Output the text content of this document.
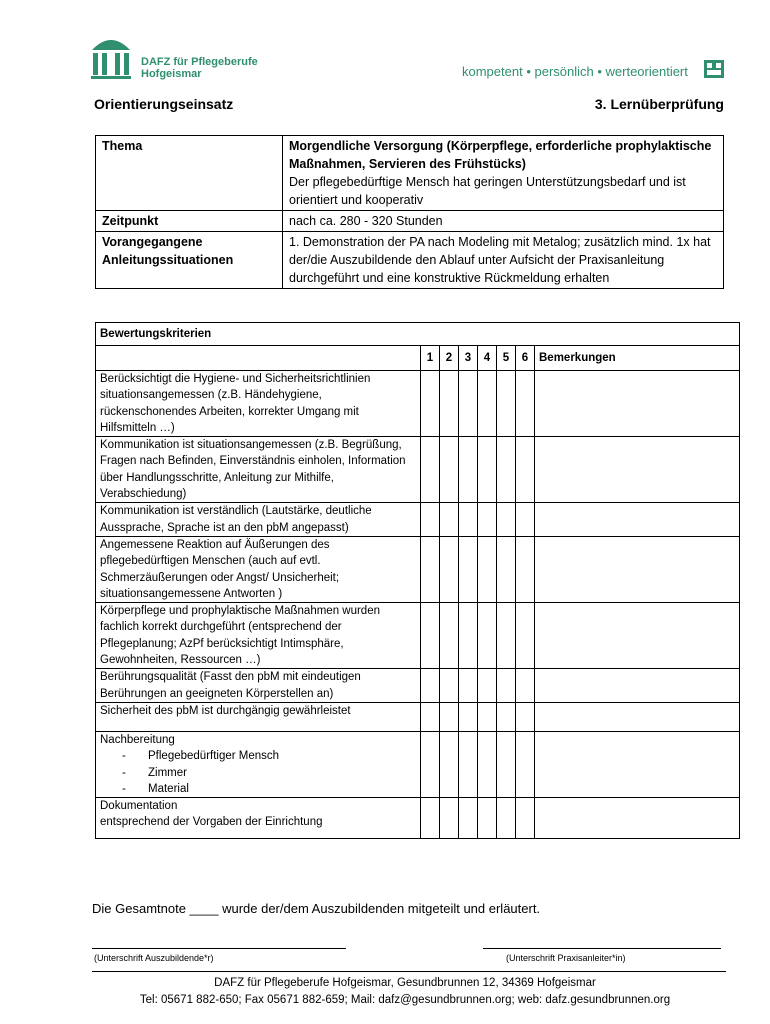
DAFZ für Pflegeberufe
Hofgeismar	kompetent • persönlich • werteorientiert
Orientierungseinsatz	3. Lernüberprüfung
Thema	Morgendliche Versorgung (Körperpflege, erforderliche prophylaktische Maßnahmen, Servieren des Frühstücks)
Der pflegebedürftige Mensch hat geringen Unterstützungsbedarf und ist orientiert und kooperativ

Zeitpunkt	nach ca. 280 - 320 Stunden
Vorangegangene Anleitungssituationen	1. Demonstration der PA nach Modeling mit Metalog; zusätzlich mind. 1x hat der/die Auszubildende den Ablauf unter Aufsicht der Praxisanleitung durchgeführt und eine konstruktive Rückmeldung erhalten
Bewertungskriterien							
	1	2	3	4	5	6	Bemerkungen
Berücksichtigt die Hygiene- und Sicherheitsrichtlinien situationsangemessen (z.B. Händehygiene, rückenschonendes Arbeiten, korrekter Umgang mit Hilfsmitteln …)							
Kommunikation ist situationsangemessen (z.B. Begrüßung, Fragen nach Befinden, Einverständnis einholen, Information über Handlungsschritte, Anleitung zur Mithilfe, Verabschiedung)							
Kommunikation ist verständlich (Lautstärke, deutliche Aussprache, Sprache ist an den pbM angepasst)							
Angemessene Reaktion auf Äußerungen des pflegebedürftigen Menschen (auch auf evtl. Schmerzäußerungen oder Angst/ Unsicherheit; situationsangemessene Antworten )							
Körperpflege und prophylaktische Maßnahmen wurden fachlich korrekt durchgeführt (entsprechend der Pflegeplanung; AzPf berücksichtigt Intimsphäre, Gewohnheiten, Ressourcen …)							
Berührungsqualität (Fasst den pbM mit eindeutigen Berührungen an geeigneten Körperstellen an)							
Sicherheit des pbM ist durchgängig gewährleistet							

Nachbereitung
- Pflegebedürftiger Mensch
- Zimmer
- Material							

Dokumentation
entsprechend der Vorgaben der Einrichtung							

Die Gesamtnote ____ wurde der/dem Auszubildenden mitgeteilt und erläutert.
(Unterschrift Auszubildende*r)	(Unterschrift Praxisanleiter*in)
DAFZ für Pflegeberufe Hofgeismar, Gesundbrunnen 12, 34369 Hofgeismar
Tel: 05671 882-650; Fax 05671 882-659; Mail: dafz@gesundbrunnen.org; web: dafz.gesundbrunnen.org
